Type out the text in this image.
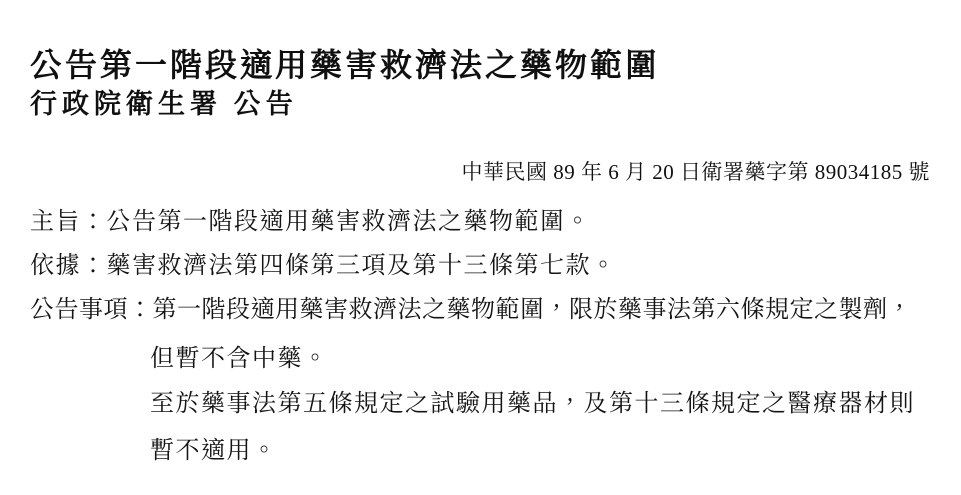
公告第一階段適用藥害救濟法之藥物範圍
行政院衛生署 公告
中華民國 89 年 6 月 20 日衛署藥字第 89034185 號
主旨：公告第一階段適用藥害救濟法之藥物範圍。
依據：藥害救濟法第四條第三項及第十三條第七款。
公告事項：第一階段適用藥害救濟法之藥物範圍，限於藥事法第六條規定之製劑，
但暫不含中藥。
至於藥事法第五條規定之試驗用藥品，及第十三條規定之醫療器材則
暫不適用。
